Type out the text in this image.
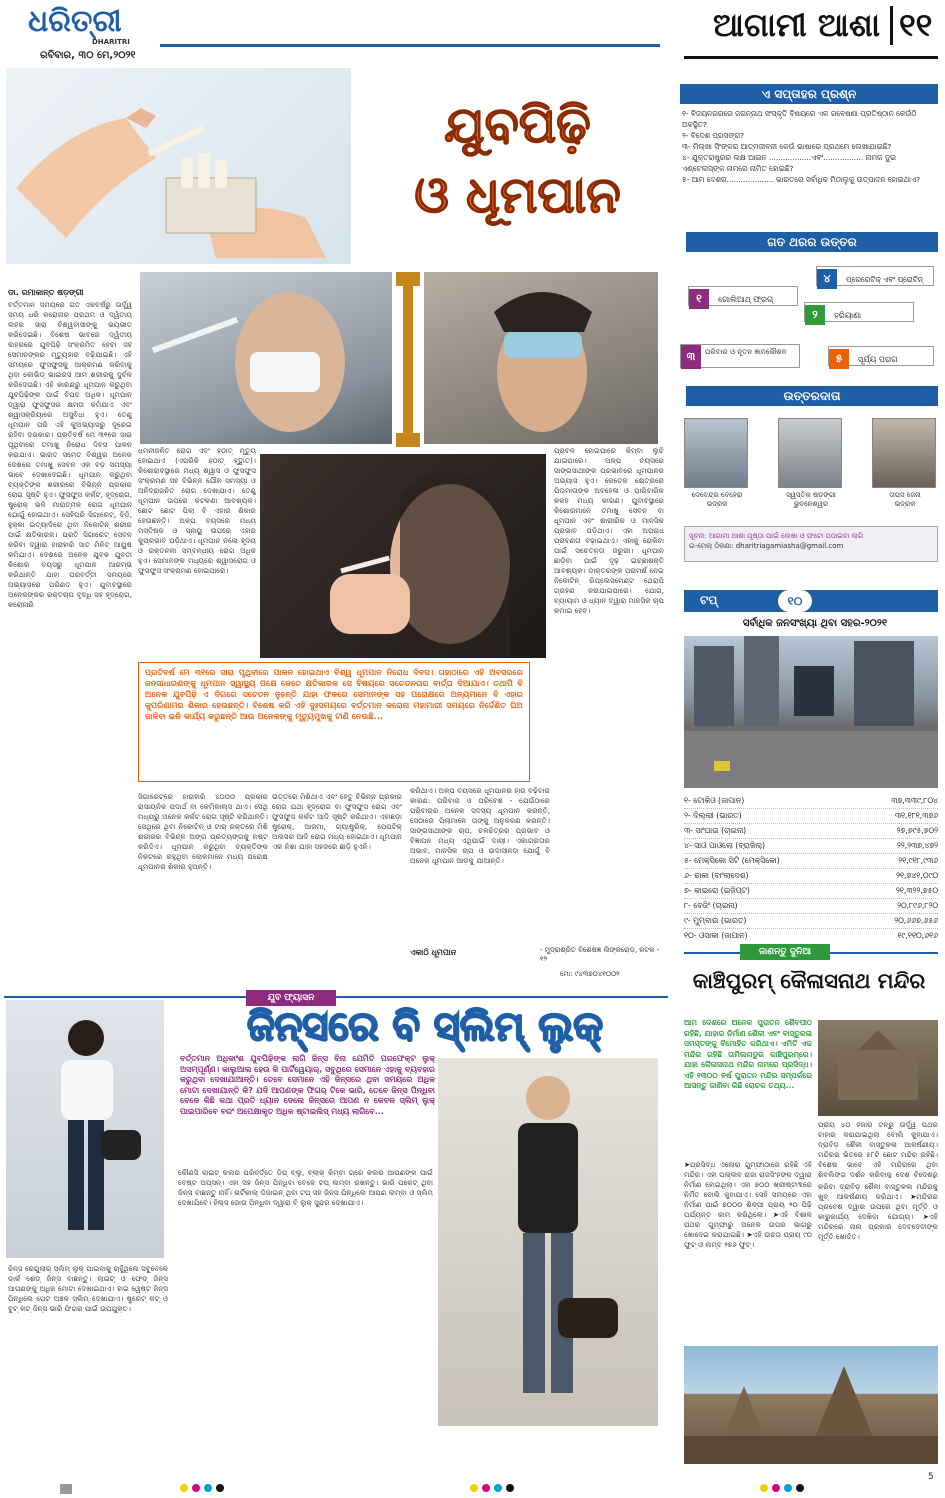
ଧରିତ୍ରୀ
DHARITRI
ରବିବାର, ୩୦ ମେ,୨୦୨୧
ଆଗାମୀ ଆଶା ୧୧
ଯୁବପିଢ଼ି
ଓ ଧୂମପାନ
ଡା. ରମାକାନ୍ତ ଷଡ଼ଙ୍ଗୀ
ବର୍ତ୍ତମାନ ସମୟରେ ଗତ ଏକବର୍ଷରୁ ଊର୍ଦ୍ଧ୍ୱ ସମୟ ଧରି କରୋନାର ପ୍ରଥମ ଓ ଦ୍ୱିତୀୟ ଲହର ସାରା ବିଶ୍ୱବାସୀଙ୍କୁ ଭୟଭୀତ କରିଦେଇଛି। ବିଶେଷ ଭାବରେ ଦ୍ୱିତୀୟ ଲହରରେ ଯୁବପିଢ଼ି ସଂକ୍ରମିତ ହେବା ସହ ସେମାନଙ୍କର ମୃତ୍ୟୁହାର ବଢ଼ିଯାଇଛି। ଏହି ସମୟରେ ଫୁସଫୁସକୁ ଆକ୍ରମଣ କରିବାକୁ ଥିବା କୋଭିଡ୍ ଭାଇରସ ଆମ ଶରୀରକୁ ଦୁର୍ବଳ କରିଦେଉଛି। ଏହି କାରଣରୁ ଧୂମପାନ କରୁଥିବା ଯୁବପିଢ଼ିଙ୍କ ପାଇଁ ବିପଦ ଅଧିକ। ଧୂମପାନ ଦ୍ୱାରା ଫୁସଫୁସର କ୍ଷମତା କମିଯାଏ ଏବଂ ଶ୍ୱାସକ୍ରିୟାରେ ଅସୁବିଧା ହୁଏ। ତେଣୁ ଧୂମପାନ ପରି ଏହି କୁଅଭ୍ୟାସରୁ ଦୂରେଇ ରହିବା ଦରକାର। ପ୍ରତିବର୍ଷ ମେ ୩୧ରେ ସାରା ପୃଥିବୀରେ ତମାଖୁ ନିରୋଧ ଦିବସ ପାଳନ କରାଯାଏ। ଭାରତ ସମେତ ବିଶ୍ୱର ଅନେକ ଦେଶରେ ତମାଖୁ ସେବନ ଏକ ବଡ଼ ସମସ୍ୟା ଭାବେ ଦେଖାଦେଇଛି। ଧୂମପାନ କରୁଥିବା ବ୍ୟକ୍ତିଙ୍କ ଶରୀରରେ ବିଭିନ୍ନ ପ୍ରକାର ରୋଗ ସୃଷ୍ଟି ହୁଏ। ଫୁସଫୁସ କର୍କଟ, ହୃଦ୍ରୋଗ, ଷ୍ଟ୍ରୋକ୍ ଭଳି ମାରାତ୍ମକ ରୋଗ ଧୂମପାନ ଯୋଗୁଁ ହୋଇଥାଏ। ସେହିପରି ସିଗାରେଟ୍, ବିଡ଼ି, ହୁକ୍କା ଇତ୍ୟାଦିରେ ଥିବା ନିକୋଟିନ୍ ଶରୀର ପାଇଁ କ୍ଷତିକାରକ। ପ୍ରତି ସିଗାରେଟ୍ ସେବନ କରିବା ଦ୍ୱାରା ହାରାହାରି ସାତ ମିନିଟ୍ ଆୟୁଷ କମିଯାଏ। ଦେଶରେ ଅନେକ ଯୁବକ ଯୁବତୀ କିଶୋର ବୟସରୁ ଧୂମପାନ ଆରମ୍ଭ କରିଥାନ୍ତି ଯାହା ପରବର୍ତ୍ତୀ ସମୟରେ ଅଭ୍ୟାସରେ ପରିଣତ ହୁଏ। ଯୁବାବସ୍ଥାରେ ଅନେକଙ୍କର ରକ୍ତଚାପ ବୃଦ୍ଧି ସହ ହୃଦ୍ରୋଗ, କରୋନାରି
ଧମନୀଜନିତ ରୋଗ ଏବଂ ହଠାତ୍ ମୃତ୍ୟୁ ହୋଇଥାଏ (ଏପରିକି ହଠାତ୍ ହୃଦ୍ଘାତ)। କିଶୋରାବସ୍ଥାରେ ମଧ୍ୟ ଶ୍ୱାସ ଓ ଫୁସଫୁସ ସଂକ୍ରମଣ ସହ ବିଭିନ୍ନ ଯୌନ ସମସ୍ୟା ଓ ଅନିଦ୍ରାଜନିତ ରୋଗ ଦେଖାଯାଏ। ତେଣୁ ଧୂମପାନ ଉପରେ କଟକଣା ଆବଶ୍ୟକ। ଛୋଟ ଛୋଟ ପିଲା ବି ଏହାର ଶିକାର ହେଉଛନ୍ତି। ଅଳ୍ପ ବୟସରେ ମଧ୍ୟ ମସ୍ତିଷ୍କ ଓ ସ୍ନାୟୁ ଉପରେ ଏହାର କୁପ୍ରଭାବ ପଡ଼ିଥାଏ। ଧୂମପାନ ନଲୋ ହୃଦୟ ଓ ରକ୍ତନଳୀ ସମ୍ବନ୍ଧୀୟ ରୋଗ ଅଧିକ ହୁଏ। ସେମାନଙ୍କ ମଧ୍ୟରେ ଶ୍ୱାସରୋଗ ଓ ଫୁସଫୁସ ସଂକ୍ରମଣ ହୋଇପାରେ।
ପ୍ରବଳ ହୋଇପାରେ କିମ୍ବା ଲୁଚି ଯାଇପାରେ। ଅଳ୍ପ ବୟସରେ ସାଙ୍ଗସାଥୀଙ୍କ ପ୍ରଭାବରେ ଧୂମପାନର ଅଭ୍ୟାସ ହୁଏ। କେତେକ କ୍ଷେତ୍ରରେ ପିତାମାତାଙ୍କ ଅବହେଳା ଓ ପାରିବାରିକ କଳହ ମଧ୍ୟ କାରଣ। ଯୁବାବସ୍ଥାରେ କିଶୋରମାନେ ତମାଖୁ ସେବନ ବା ଧୂମପାନ ଏବଂ ଶାରୀରିକ ଓ ମାନସିକ ପ୍ରଭାବ ପଡ଼ିଥାଏ। ଏହା ଅପରାଧ ପ୍ରବଣତା ବଢ଼ାଇଥାଏ। ଏହାକୁ ରୋକିବା ପାଇଁ ସଚେତନତା ଜରୁରୀ। ଧୂମପାନ ଛାଡ଼ିବା ପାଇଁ ଦୃଢ଼ ଇଚ୍ଛାଶକ୍ତି ଆବଶ୍ୟକ। ଡାକ୍ତରଙ୍କ ପରାମର୍ଶ ନେଇ ନିକୋଟିନ୍ ରିପ୍ଲେସମେଣ୍ଟ ଥେରାପି ଗ୍ରହଣ କରାଯାଇପାରେ। ଯୋଗ, ବ୍ୟାୟାମ ଓ ଧ୍ୟାନ ଦ୍ୱାରା ମାନସିକ ଚାପ କମାଇ ହେବ।
ପ୍ରତିବର୍ଷ ମେ ୩୧ରେ ସାରା ପୃଥିବୀରେ ପାଳନ ହୋଇଥାଏ ବିଶ୍ୱ ଧୂମପାନ ନିରୋଧ ଦିବସ। ତାହାଠାରେ ଏହି ଅବସରରେ ଜନସାଧାରଣଙ୍କୁ ଧୂମପାନ ସ୍ୱାସ୍ଥ୍ୟ ପକ୍ଷେ କେତେ କ୍ଷତିକାରକ ସେ ବିଷୟରେ ସଚେତନତାର ବାର୍ତ୍ତା ଦିଆଯାଏ। ତଥାପି ବି ଅନେକ ଯୁବପିଢ଼ି ଏ ଦିଗରେ ସଚେତନ ନୁହନ୍ତି ଯାହା ଫଳରେ ସେମାନଙ୍କ ସହ ପରୋକ୍ଷରେ ଅନ୍ୟମାନେ ବି ଏହାର କୁପରିଣାମର ଶିକାର ହେଉଛନ୍ତି। ବିଶେଷ କରି ଏହି ଦୁଃସମୟରେ ବର୍ତ୍ତମାନ କରୋନା ମହାମାରୀ ସମୟରେ ନିର୍ଦ୍ଦେଶିତ ଘିଅ ଜାଳିବା ଭଳି କାର୍ଯ୍ୟ କରୁଛନ୍ତି ଆଉ ଅନେକଙ୍କୁ ମୃତ୍ୟୁମୁଖକୁ ଟାଣି ନେଉଛି...
ସିଗାରେଟ୍‌ରେ ହାରାହାରି ୪୦୦୦ ପ୍ରକାର ରାସାୟନିକ ପଦାର୍ଥ ବା କେମିକାଲ୍ସ ଥାଏ। ସେଥି ମଧ୍ୟରୁ ଅନେକ କର୍କଟ ରୋଗ ସୃଷ୍ଟି କରିଥାନ୍ତି। ସେଥିରେ ଥିବା ନିକୋଟିନ୍ ଓ ଟାର୍ ରକ୍ତରେ ମିଶି ଶରୀରର ବିଭିନ୍ନ ଅଙ୍ଗ ପ୍ରତ୍ୟଙ୍ଗକୁ ନଷ୍ଟ କରିଦିଏ। ଧୂମପାନ କରୁଥିବା ବ୍ୟକ୍ତିଙ୍କ ନିକଟରେ ରହୁଥିବା ଲୋକମାନେ ମଧ୍ୟ ପରୋକ୍ଷ ଧୂମପାନର ଶିକାର ହୁଅନ୍ତି।
ଉତ୍ତରେ ମିଶିଥାଏ ଏବଂ ହେତୁ ବିଭିନ୍ନ ପ୍ରକାର ରୋଗ ଯଥା ହୃଦ୍ରୋଗ ବା ଫୁସଫୁସ ରୋଗ ଏବଂ ଫୁସଫୁସ କର୍କଟ ଆଦି ସୃଷ୍ଟି କରିଥାଏ। ଏହାଛଡ଼ା ଷ୍ଟ୍ରୋକ୍, ଆଜମା, ଗ୍ୟାଷ୍ଟ୍ରିକ୍, ପେପଟିକ୍ ଅଲସର ଆଦି ରୋଗ ମଧ୍ୟ ହୋଇଥାଏ। ଧୂମପାନ ଏକ ନିଶା ଯାହା ସହଜରେ ଛାଡ଼ି ହୁଏନି।
କରିଥାଏ। ଅଳ୍ପ ବୟସରେ ଧୂମପାନର ହାର ବଢ଼ିବାର କାରଣ: ପରିବାର ଓ ପରିବେଶ - ଯେଉଁଠାରେ ପରିବାରର ଅନେକ ସଦସ୍ୟ ଧୂମପାନ କରନ୍ତି, ସେଠାରେ ପିଲାମାନେ ତାଙ୍କୁ ଅନୁକରଣ କରନ୍ତି। ସାଙ୍ଗସାଥୀଙ୍କ ଚାପ, ଚଳଚ୍ଚିତ୍ରର ପ୍ରଭାବ ଓ ବିଜ୍ଞାପନ ମଧ୍ୟ ଏଥିପାଇଁ ଦାୟୀ। ଏକାଗ୍ରତାର ଅଭାବ, ମାନସିକ ଚାପ ଓ ଉଦାସୀନତା ଯୋଗୁଁ ବି ଅନେକ ଧୂମପାନ ଆଡ଼କୁ ଯାଆନ୍ତି।
ଏକାଠି ଧୂମପାନ	- ମୁଦ୍ରାଶ୍ରିତ ବିଶେଷଜ୍ଞ ଲିଙ୍କରୋଡ଼, କଟକ - ୧୨
ମୋ: ୯୪୩୭୦୪୧୦୦୨
ଯୁବ ଫ୍ୟାସନ
ଜିନ୍ସରେ ବି ସ୍ଲିମ୍ ଲୁକ୍
ବର୍ତ୍ତମାନ ଅଧିକାଂଶ ଯୁବପିଢ଼ିଙ୍କ ଲାଗି ଜିନ୍ସ ବିନା ଯେମିତି ପରଫେକ୍ଟ ଲୁକ୍ ଅସମ୍ପୂର୍ଣ୍ଣ। କାଲୁଆଲ ହେଉ କି ପାର୍ଟିୱେୟାର୍, ସବୁଥିରେ ସେମାନେ ଏହାକୁ ବ୍ୟବହାର କରୁଥିବା ଦେଖାଯାଆନ୍ତି। ତେବେ ସେମାନେ ଏହି ଜିନ୍ସରେ ଥିବା ସମୟରେ ଅଧିକ ମୋଟା ଦେଖାଯାନ୍ତି କି? ଯଦି ଆପଣଙ୍କ ଫିଗର୍ ଟିକେ ଭାରି, ତେବେ ଜିନ୍ସ ପିନ୍ଧିବା ବେଳେ କିଛି କଥା ପ୍ରତି ଧ୍ୟାନ ଦେଲେ ଜିନ୍ସରେ ଆପଣ ନ କେବଳ ସ୍ଲିମ୍ ଲୁକ୍ ପାଇପାରିବେ ବରଂ ଅପେକ୍ଷାକୃତ ଅଧିକ ଷ୍ଟାଇଲିସ୍ ମଧ୍ୟ ଲାଗିବେ...
ଜିନ୍ସ ରେଗୁଲାର୍ ସ୍ଲିମ୍ ଲୁକ୍ ପାଇବାକୁ ଚାହୁଁଥିଲେ ସବୁବେଳେ ଡାର୍କ ଶେଡ୍ ଜିନ୍ସ ବାଛନ୍ତୁ। ଲାଇଟ୍ ଓ ଫେଡ୍ ଜିନ୍ସ ଆପଣଙ୍କୁ ଅଧିକ ମୋଟା ଦେଖାଇଥାଏ। ହାଇ ୱେଷ୍ଟ ଜିନ୍ସ ପିନ୍ଧିଲେ ପେଟ ଅଞ୍ଚଳ ସ୍ଲିମ୍ ଦେଖାଯାଏ। ଷ୍ଟ୍ରେଟ୍ କଟ୍ ଓ ବୁଟ୍ କଟ୍ ଜିନ୍ସ ଭାରି ଫିଗର ପାଇଁ ଉପଯୁକ୍ତ।
କୌଣସି ଲାଇଟ୍ କଲର ପରିବର୍ତ୍ତେ ଡିପ୍ ବ୍ଲୁ, ବ୍ଲାକ୍ କିମ୍ବା ଗ୍ରେ କଲର ଆପଣଙ୍କ ପାଇଁ ବେଷ୍ଟ ଅପ୍ସନ୍। ଏହା ସହ ଜିନ୍ସ ପିନ୍ଧିବା ବେଳେ ଟପ୍ ଲମ୍ବା ରଖନ୍ତୁ। ଭାରି ପକେଟ୍ ଥିବା ଜିନ୍ସ ବାଛନ୍ତୁ ନାହିଁ। ଭର୍ଟିକାଲ୍ ଡିଜାଇନ୍ ଥିବା ଟପ୍ ସହ ଜିନ୍ସ ପିନ୍ଧିଲେ ଆପଣ ଲମ୍ବା ଓ ସ୍ଲିମ୍ ଦେଖାଯିବେ। ହିଲ୍ସ ଜୋତା ପିନ୍ଧିବା ଦ୍ୱାରା ବି ଲୁକ୍ ସୁନ୍ଦର ଦେଖାଯାଏ।
ଏ ସପ୍ତାହର ପ୍ରଶ୍ନ
୧- ବିଜୟନଗରରେ ଜଗନ୍ନାଥ ସଂସ୍କୃତି ବିଷୟରେ ଏକ ଗବେଷଣା ପ୍ରତିଷ୍ଠାନ କେଉଁଠି ଅବସ୍ଥିତ?
୨- ବିଦେଶ ପ୍ରସଙ୍ଗ?
୩- ମିଲ୍ଖା ସିଂଙ୍କର ଆତ୍ମଜୀବନୀ କେଉଁ ଭାଷାରେ ପ୍ରଥମେ ଲେଖାଯାଇଛି?
୪- ଯୁକ୍ତରାଷ୍ଟ୍ରର ଲକ୍ଷ ଆଇନ ..................ଏବଂ................. ନାମକ ଦୁଇ ଏଣ୍ଟେଲସ୍ଙ୍କ ନାମରେ ନାମିତ ହୋଇଛି?
୫- ଆମ ଦେଶର.................... ଭାରତରେ ସର୍ବାଧିକ ମିଠାଲୁକୁ ଉତ୍ପାଦନ ହୋଇଥାଏ?
ଗତ ଥରର ଉତ୍ତର
୧ ଗୋଲିଆଥ୍ ଫ୍ରଗ୍
୪ ପ୍ରେରେଟିକ୍ ଏବଂ ପ୍ରୋଟିନ୍
୨ ହରିୟାଣା
୩ ପରିବାର ଓ ନୂତନ ଜ୍ଞାନକୌଶଳ
୫ ସୂର୍ଯ୍ୟ ପରାଗ
ଉତ୍ତରଦାତା
ଦେବେନ୍ଦ୍ର ବେହେରା
ଭଦ୍ରକ
ସ୍ୱସ୍ତିକ ଷଡ଼ଙ୍ଗୀ
ଭୁବନେଶ୍ୱର
ତାପସ ଜେନା
ଭଦ୍ରକ
ସୂଚନା: ଆଗାମୀ ଆଶା ପୃଷ୍ଠା ପାଇଁ ଲେଖା ଓ ଫଟୋ ପଠାଇବା ଲାଗି
ଇ-ମେଲ୍ ଠିକଣା: dharitriagamiasha@gmail.com
ଟପ୍	୧୦
ସର୍ବାଧିକ ଜନସଂଖ୍ୟା ଥିବା ସହର-୨୦୨୧
୧- ଟୋକିଓ (ଜାପାନ)	୩୭,୩୩୯,୮୦୪
୨- ଦିଲ୍ଲୀ (ଭାରତ)	୩୧,୧୮୧,୩୭୬
୩- ସାଂଘାଇ (ଚାଇନା)	୨୭,୭୯୫,୭୦୨
୪- ସାଓ ପାଓଲୋ (ବ୍ରାଜିଲ୍)	୨୨,୨୩୭,୪୭୨
୫- ମେକ୍ସିକୋ ସିଟି (ମେକ୍ସିକୋ)	୨୧,୯୧୮,୯୩୬
୬- ଢାକା (ବାଂଲାଦେଶ)	୨୧,୭୪୧,୦୯୦
୭- କାଇରୋ (ଇଜିପ୍ଟ)	୨୧,୩୨୨,୭୫୦
୮- ବେଜିଂ (ଚାଇନା)	୨୦,୮୯୬,୮୨୦
୯- ମୁମ୍ବାଇ (ଭାରତ)	୨୦,୬୬୭,୬୫୬
୧୦- ଓସାକା (ଜାପାନ)	୧୯,୧୧୦,୬୧୬
ଜାଣନ୍ତୁ ଦୁନିଆ
କାଞ୍ଚିପୁରମ୍ କୈଳାସନାଥ ମନ୍ଦିର
ଆମ ଦେଶରେ ଅନେକ ପୁରାତନ ଶୈବପୀଠ ରହିଛି, ଯାହାର ନିର୍ମାଣ ଶୈଳୀ ଏବଂ ବାସ୍ତୁକଳା ସମସ୍ତଙ୍କୁ ବିମୋହିତ କରିଥାଏ। ଏମିତି ଏକ ମନ୍ଦିର ରହିଛି ତାମିଲନାଡୁର କାଞ୍ଚିପୁରମ୍‌ରେ। ଯାହା କୈଳାସନାଥ ମନ୍ଦିର ନାମରେ ପ୍ରସିଦ୍ଧ। ଏହି ୧୩୦୦ ବର୍ଷ ପୁରାତନ ମନ୍ଦିର ସମ୍ପର୍କରେ ଆସନ୍ତୁ ଜାଣିବା କିଛି ରୋଚକ ତଥ୍ୟ...
ପ୍ରାୟ ୪୦ ହଜାର ଟନ୍‌ରୁ ଊର୍ଦ୍ଧ୍ୱ ପଥର ବାହାର କରାଯାଇଥିଲା ବୋଲି କୁହାଯାଏ। ଦ୍ରାବିଡ଼ ଶୈଳୀ ବାସ୍ତୁକଳା ଆକର୍ଷଣୀୟ। ମନ୍ଦିରର ଭିତରେ ୫୮ଟି ଛୋଟ ମନ୍ଦିର ରହିଛି। ବିଶେଷ ଭାବେ ଏହି ମନ୍ଦିରରେ ଥିବା ଶିବଲିଙ୍ଗ ଦର୍ଶନ କରିବାକୁ ଦେଶ ବିଦେଶରୁ
➤ପ୍ରସିଦ୍ଧ ଏଲୋରା ଗୁମ୍ଫାଠାରେ ରହିଛି ଏହି ମନ୍ଦିର। ଏହା ପଲ୍ଲବ ରାଜା ରାଜସିଂହଙ୍କ ଦ୍ୱାରା ନିର୍ମାଣ ହୋଇଥିଲା। ଏହା ୭୦୦ ଖ୍ରୀଷ୍ଟାବ୍ଦରେ ନିର୍ମିତ ବୋଲି କୁହାଯାଏ। ସେହି ସମୟରେ ଏହା ନିର୍ମାଣ ପାଇଁ ୭୦୦୦ ଶିଳ୍ପୀ ପ୍ରାୟ ୨୦ ପିଢ଼ି ପର୍ଯ୍ୟନ୍ତ କାମ କରିଥିଲେ। ➤ଏହି ବିଶାଳ ପଥର ଗୁମ୍ଫାରୁ ଅନେକ ଉପର ଭାଗରୁ ଖୋଦେଇ କରାଯାଇଛି। ➤ଏହି ଉଚ୍ଚତା ପ୍ରାୟ ୯୦ ଫୁଟ୍ ଓ ଲମ୍ବ ୨୭୬ ଫୁଟ୍।
କରିବା ଦ୍ରାବିଡ଼ ଶୈଳୀ ବାସ୍ତୁକଳା ମନ୍ଦିରକୁ ଖୁବ୍ ଆକର୍ଷଣୀୟ କରିଥାଏ। ➤ମନ୍ଦିରର ପ୍ରବେଶ ଦ୍ୱାର ଉପରେ ଥିବା ମୂର୍ତ୍ତି ଓ କାରୁକାର୍ଯ୍ୟ ଦେଖିବା ଯୋଗ୍ୟ। ➤ଏହି ମନ୍ଦିରରେ ନାନା ପ୍ରକାର ଦେବଦେବୀଙ୍କ ମୂର୍ତ୍ତି ଖୋଦିତ।
5
